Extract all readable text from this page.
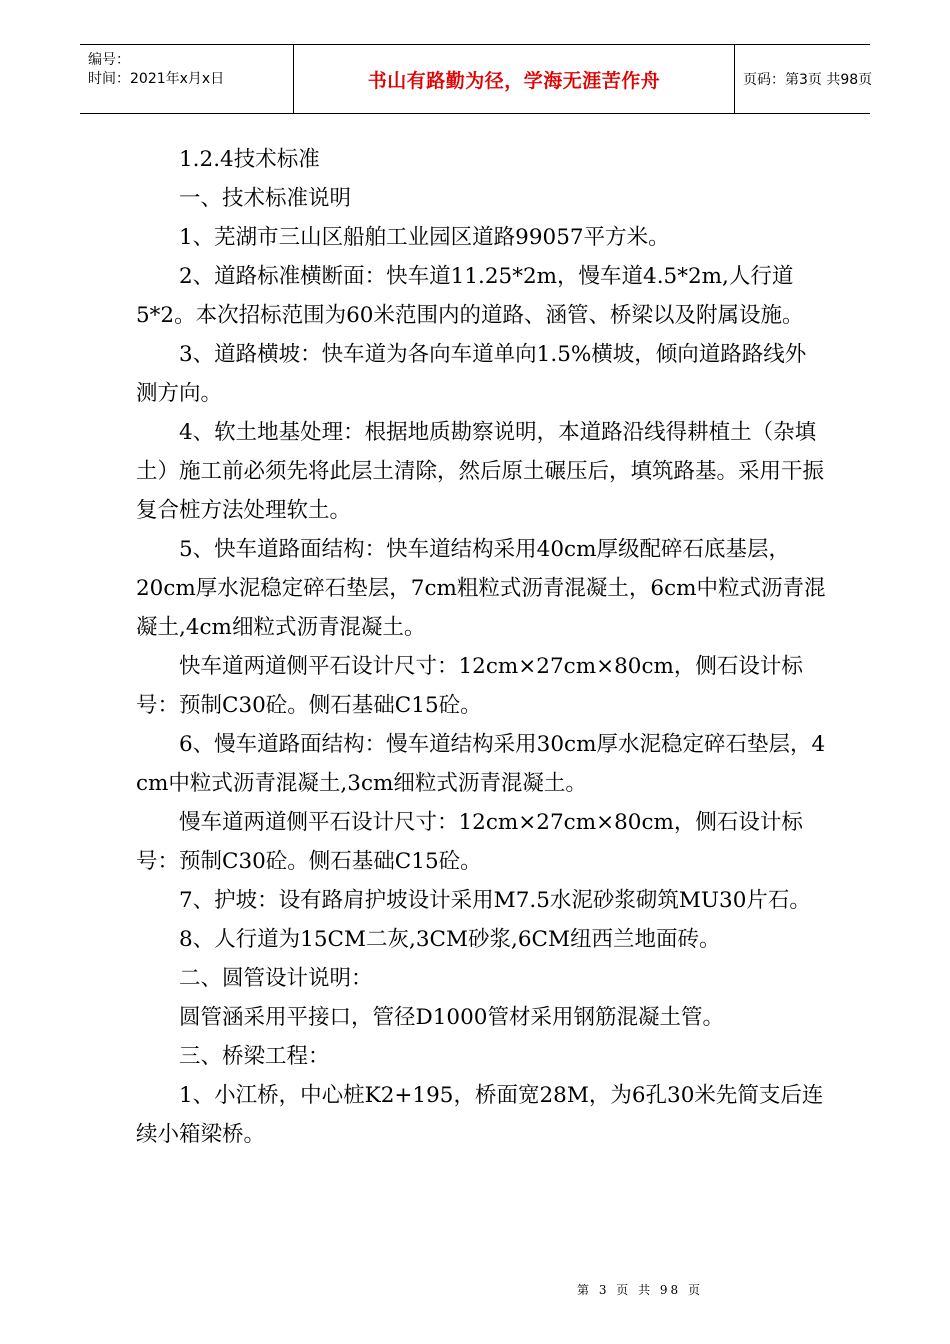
编号：
时间：2021年x月x日	书山有路勤为径，学海无涯苦作舟	页码：第3页 共98页

1.2.4技术标准

一、技术标准说明

1、芜湖市三山区船舶工业园区道路99057平方米。

2、道路标准横断面：快车道11.25*2m，慢车道4.5*2m,人行道5*2。本次招标范围为60米范围内的道路、涵管、桥梁以及附属设施。

3、道路横坡：快车道为各向车道单向1.5%横坡，倾向道路路线外测方向。

4、软土地基处理：根据地质勘察说明，本道路沿线得耕植土（杂填土）施工前必须先将此层土清除，然后原土碾压后，填筑路基。采用干振复合桩方法处理软土。

5、快车道路面结构：快车道结构采用40cm厚级配碎石底基层， 20cm厚水泥稳定碎石垫层，7cm粗粒式沥青混凝土，6cm中粒式沥青混凝土,4cm细粒式沥青混凝土。

快车道两道侧平石设计尺寸：12cm×27cm×80cm，侧石设计标号：预制C30砼。侧石基础C15砼。

6、慢车道路面结构：慢车道结构采用30cm厚水泥稳定碎石垫层，4 cm中粒式沥青混凝土,3cm细粒式沥青混凝土。

慢车道两道侧平石设计尺寸：12cm×27cm×80cm，侧石设计标号：预制C30砼。侧石基础C15砼。

7、护坡：设有路肩护坡设计采用M7.5水泥砂浆砌筑MU30片石。

8、人行道为15CM二灰,3CM砂浆,6CM纽西兰地面砖。

二、圆管设计说明：

圆管涵采用平接口，管径D1000管材采用钢筋混凝土管。

三、桥梁工程：

1、小江桥，中心桩K2+195，桥面宽28M，为6孔30米先简支后连续小箱梁桥。

第 3 页 共 98 页
